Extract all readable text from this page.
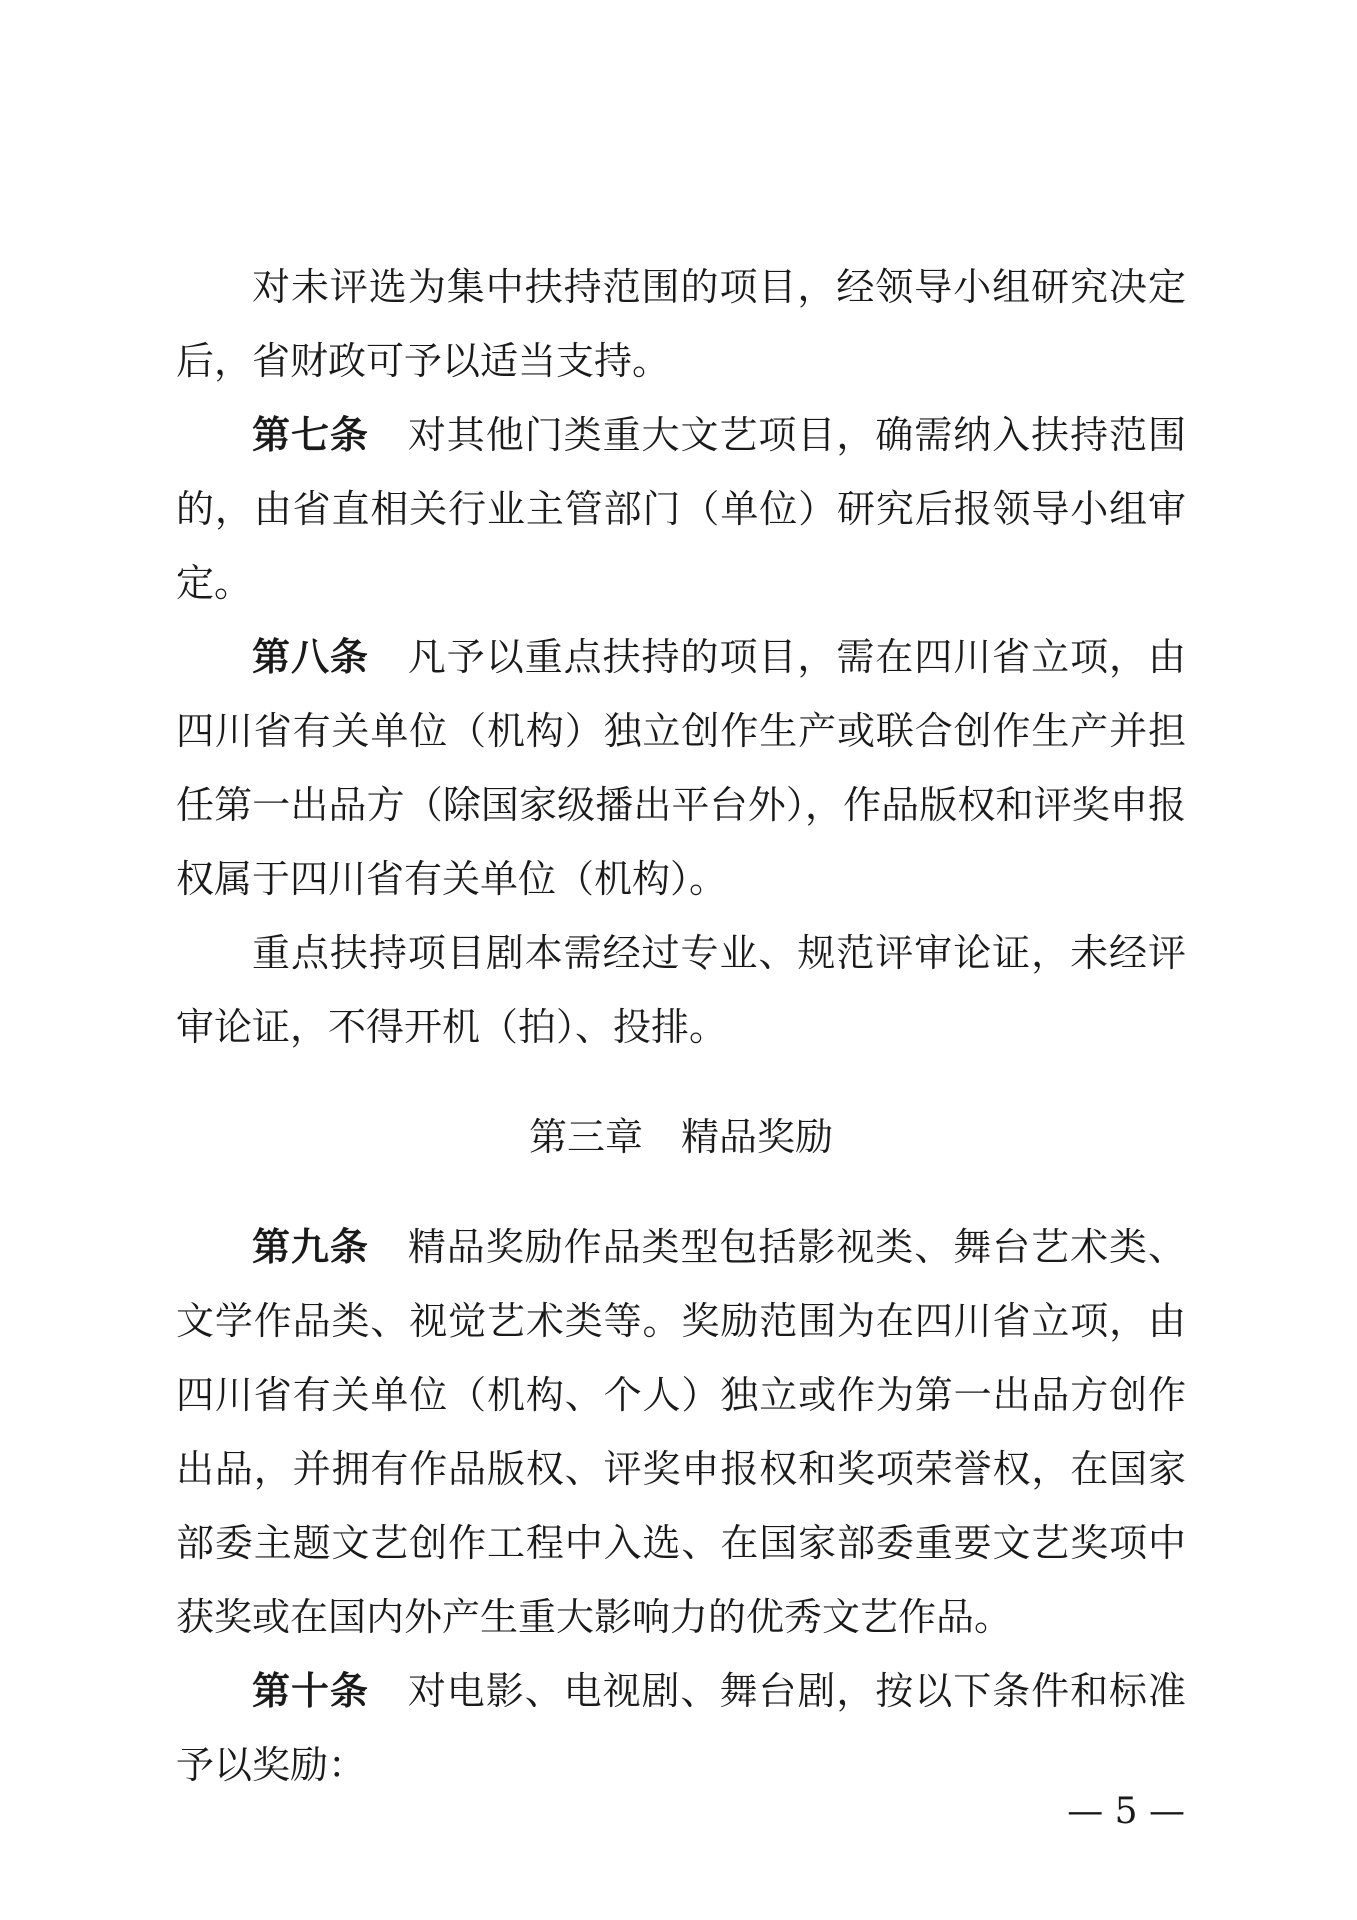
对未评选为集中扶持范围的项目，经领导小组研究决定后，省财政可予以适当支持。

第七条 对其他门类重大文艺项目，确需纳入扶持范围的，由省直相关行业主管部门（单位）研究后报领导小组审定。

第八条 凡予以重点扶持的项目，需在四川省立项，由四川省有关单位（机构）独立创作生产或联合创作生产并担任第一出品方（除国家级播出平台外），作品版权和评奖申报权属于四川省有关单位（机构）。

重点扶持项目剧本需经过专业、规范评审论证，未经评审论证，不得开机（拍）、投排。

第三章 精品奖励

第九条 精品奖励作品类型包括影视类、舞台艺术类、文学作品类、视觉艺术类等。奖励范围为在四川省立项，由四川省有关单位（机构、个人）独立或作为第一出品方创作出品，并拥有作品版权、评奖申报权和奖项荣誉权，在国家部委主题文艺创作工程中入选、在国家部委重要文艺奖项中获奖或在国内外产生重大影响力的优秀文艺作品。

第十条 对电影、电视剧、舞台剧，按以下条件和标准予以奖励：

— 5 —
